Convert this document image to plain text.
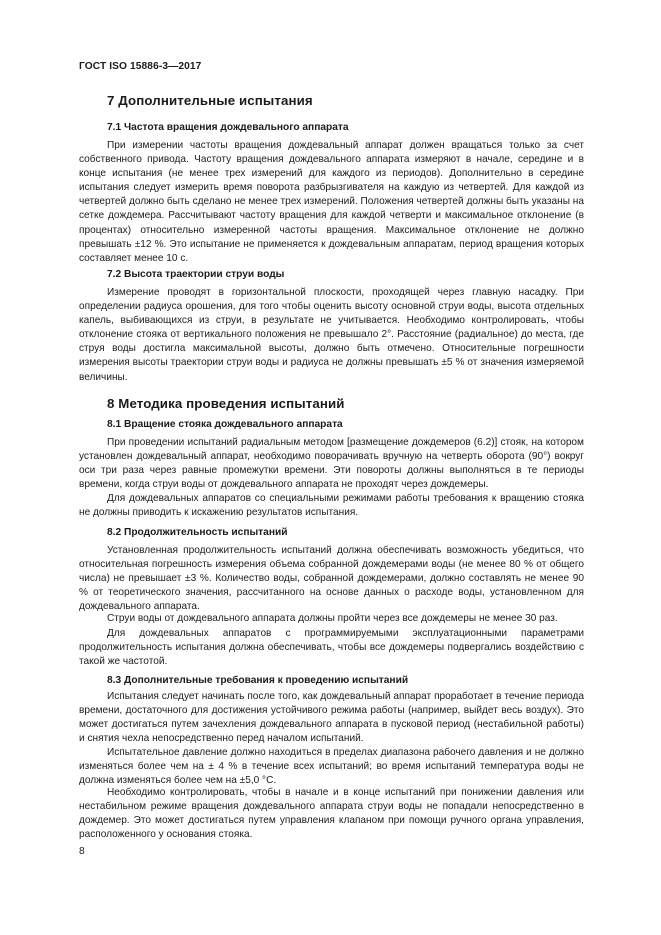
ГОСТ ISO 15886-3—2017
7 Дополнительные испытания
7.1 Частота вращения дождевального аппарата

При измерении частоты вращения дождевальный аппарат должен вращаться только за счет собственного привода. Частоту вращения дождевального аппарата измеряют в начале, середине и в конце испытания (не менее трех измерений для каждого из периодов). Дополнительно в середине испытания следует измерить время поворота разбрызгивателя на каждую из четвертей. Для каждой из четвертей должно быть сделано не менее трех измерений. Положения четвертей должны быть указаны на сетке дождемера. Рассчитывают частоту вращения для каждой четверти и максимальное отклонение (в процентах) относительно измеренной частоты вращения. Максимальное отклонение не должно превышать ±12 %. Это испытание не применяется к дождевальным аппаратам, период вращения которых составляет менее 10 с.

7.2 Высота траектории струи воды

Измерение проводят в горизонтальной плоскости, проходящей через главную насадку. При определении радиуса орошения, для того чтобы оценить высоту основной струи воды, высота отдельных капель, выбивающихся из струи, в результате не учитывается. Необходимо контролировать, чтобы отклонение стояка от вертикального положения не превышало 2°. Расстояние (радиальное) до места, где струя воды достигла максимальной высоты, должно быть отмечено. Относительные погрешности измерения высоты траектории струи воды и радиуса не должны превышать ±5 % от значения измеряемой величины.

8 Методика проведения испытаний
8.1 Вращение стояка дождевального аппарата

При проведении испытаний радиальным методом [размещение дождемеров (6.2)] стояк, на котором установлен дождевальный аппарат, необходимо поворачивать вручную на четверть оборота (90°) вокруг оси три раза через равные промежутки времени. Эти повороты должны выполняться в те периоды времени, когда струи воды от дождевального аппарата не проходят через дождемеры.

Для дождевальных аппаратов со специальными режимами работы требования к вращению стояка не должны приводить к искажению результатов испытания.

8.2 Продолжительность испытаний

Установленная продолжительность испытаний должна обеспечивать возможность убедиться, что относительная погрешность измерения объема собранной дождемерами воды (не менее 80 % от общего числа) не превышает ±3 %. Количество воды, собранной дождемерами, должно составлять не менее 90 % от теоретического значения, рассчитанного на основе данных о расходе воды, установленном для дождевального аппарата.

Струи воды от дождевального аппарата должны пройти через все дождемеры не менее 30 раз.

Для дождевальных аппаратов с программируемыми эксплуатационными параметрами продолжительность испытания должна обеспечивать, чтобы все дождемеры подвергались воздействию с такой же частотой.

8.3 Дополнительные требования к проведению испытаний

Испытания следует начинать после того, как дождевальный аппарат проработает в течение периода времени, достаточного для достижения устойчивого режима работы (например, выйдет весь воздух). Это может достигаться путем зачехления дождевального аппарата в пусковой период (нестабильной работы) и снятия чехла непосредственно перед началом испытаний.

Испытательное давление должно находиться в пределах диапазона рабочего давления и не должно изменяться более чем на ± 4 % в течение всех испытаний; во время испытаний температура воды не должна изменяться более чем на ±5,0 °С.

Необходимо контролировать, чтобы в начале и в конце испытаний при понижении давления или нестабильном режиме вращения дождевального аппарата струи воды не попадали непосредственно в дождемер. Это может достигаться путем управления клапаном при помощи ручного органа управления, расположенного у основания стояка.

8
